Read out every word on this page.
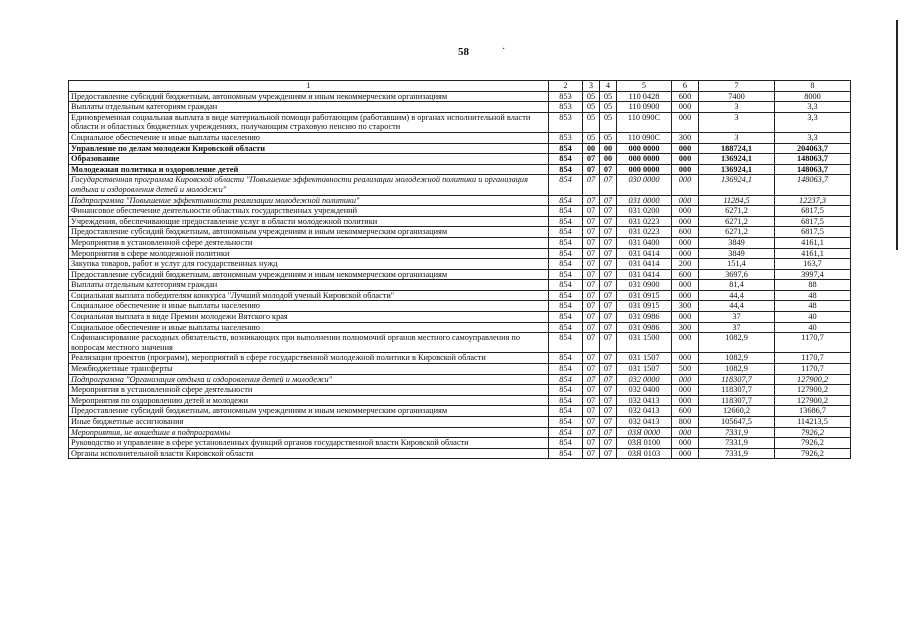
58	·
1	2	3	4	5	6	7	8
Предоставление субсидий бюджетным, автономным учреждениям и иным некоммерческим организациям	853	05	05	110 0428	600	7400	8000
Выплаты отдельным категориям граждан	853	05	05	110 0900	000	3	3,3
Единовременная социальная выплата в виде материальной помощи работающим (работавшим) в органах исполнительной власти области и областных бюджетных учреждениях, получающим страховую пенсию по старости	853	05	05	110 090С	000	3	3,3
Социальное обеспечение и иные выплаты населению	853	05	05	110 090С	300	3	3,3
Управление по делам молодежи Кировской области	854	00	00	000 0000	000	188724,1	204063,7
Образование	854	07	00	000 0000	000	136924,1	148063,7
Молодежная политика и оздоровление детей	854	07	07	000 0000	000	136924,1	148063,7
Государственная программа Кировской области "Повышение эффективности реализации молодежной политики и организация отдыха и оздоровления детей и молодежи"	854	07	07	030 0000	000	136924,1	148063,7
Подпрограмма "Повышение эффективности реализации молодежной политики"	854	07	07	031 0000	000	11284,5	12237,3
Финансовое обеспечение деятельности областных государственных учреждений	854	07	07	031 0200	000	6271,2	6817,5
Учреждения, обеспечивающие предоставление услуг в области молодежной политики	854	07	07	031 0223	000	6271,2	6817,5
Предоставление субсидий бюджетным, автономным учреждениям и иным некоммерческим организациям	854	07	07	031 0223	600	6271,2	6817,5
Мероприятия в установленной сфере деятельности	854	07	07	031 0400	000	3849	4161,1
Мероприятия в сфере молодежной политики	854	07	07	031 0414	000	3849	4161,1
Закупка товаров, работ и услуг для государственных нужд	854	07	07	031 0414	200	151,4	163,7
Предоставление субсидий бюджетным, автономным учреждениям и иным некоммерческим организациям	854	07	07	031 0414	600	3697,6	3997,4
Выплаты отдельным категориям граждан	854	07	07	031 0900	000	81,4	88
Социальная выплата победителям конкурса "Лучший молодой ученый Кировской области"	854	07	07	031 0915	000	44,4	48
Социальное обеспечение и иные выплаты населению	854	07	07	031 0915	300	44,4	48
Социальная выплата в виде Премии молодежи Вятского края	854	07	07	031 0986	000	37	40
Социальное обеспечение и иные выплаты населению	854	07	07	031 0986	300	37	40
Софинансирование расходных обязательств, возникающих при выполнении полномочий органов местного самоуправления по вопросам местного значения	854	07	07	031 1500	000	1082,9	1170,7
Реализация проектов (программ), мероприятий в сфере государственной молодежной политики в Кировской области	854	07	07	031 1507	000	1082,9	1170,7
Межбюджетные трансферты	854	07	07	031 1507	500	1082,9	1170,7
Подпрограмма "Организация отдыха и оздоровления детей и молодежи"	854	07	07	032 0000	000	118307,7	127900,2
Мероприятия в установленной сфере деятельности	854	07	07	032 0400	000	118307,7	127900,2
Мероприятия по оздоровлению детей и молодежи	854	07	07	032 0413	000	118307,7	127900,2
Предоставление субсидий бюджетным, автономным учреждениям и иным некоммерческим организациям	854	07	07	032 0413	600	12660,2	13686,7
Иные бюджетные ассигнования	854	07	07	032 0413	800	105647,5	114213,5
Мероприятия, не вошедшие в подпрограммы	854	07	07	03Я 0000	000	7331,9	7926,2
Руководство и управление в сфере установленных функций органов государственной власти Кировской области	854	07	07	03Я 0100	000	7331,9	7926,2
Органы исполнительной власти Кировской области	854	07	07	03Я 0103	000	7331,9	7926,2
